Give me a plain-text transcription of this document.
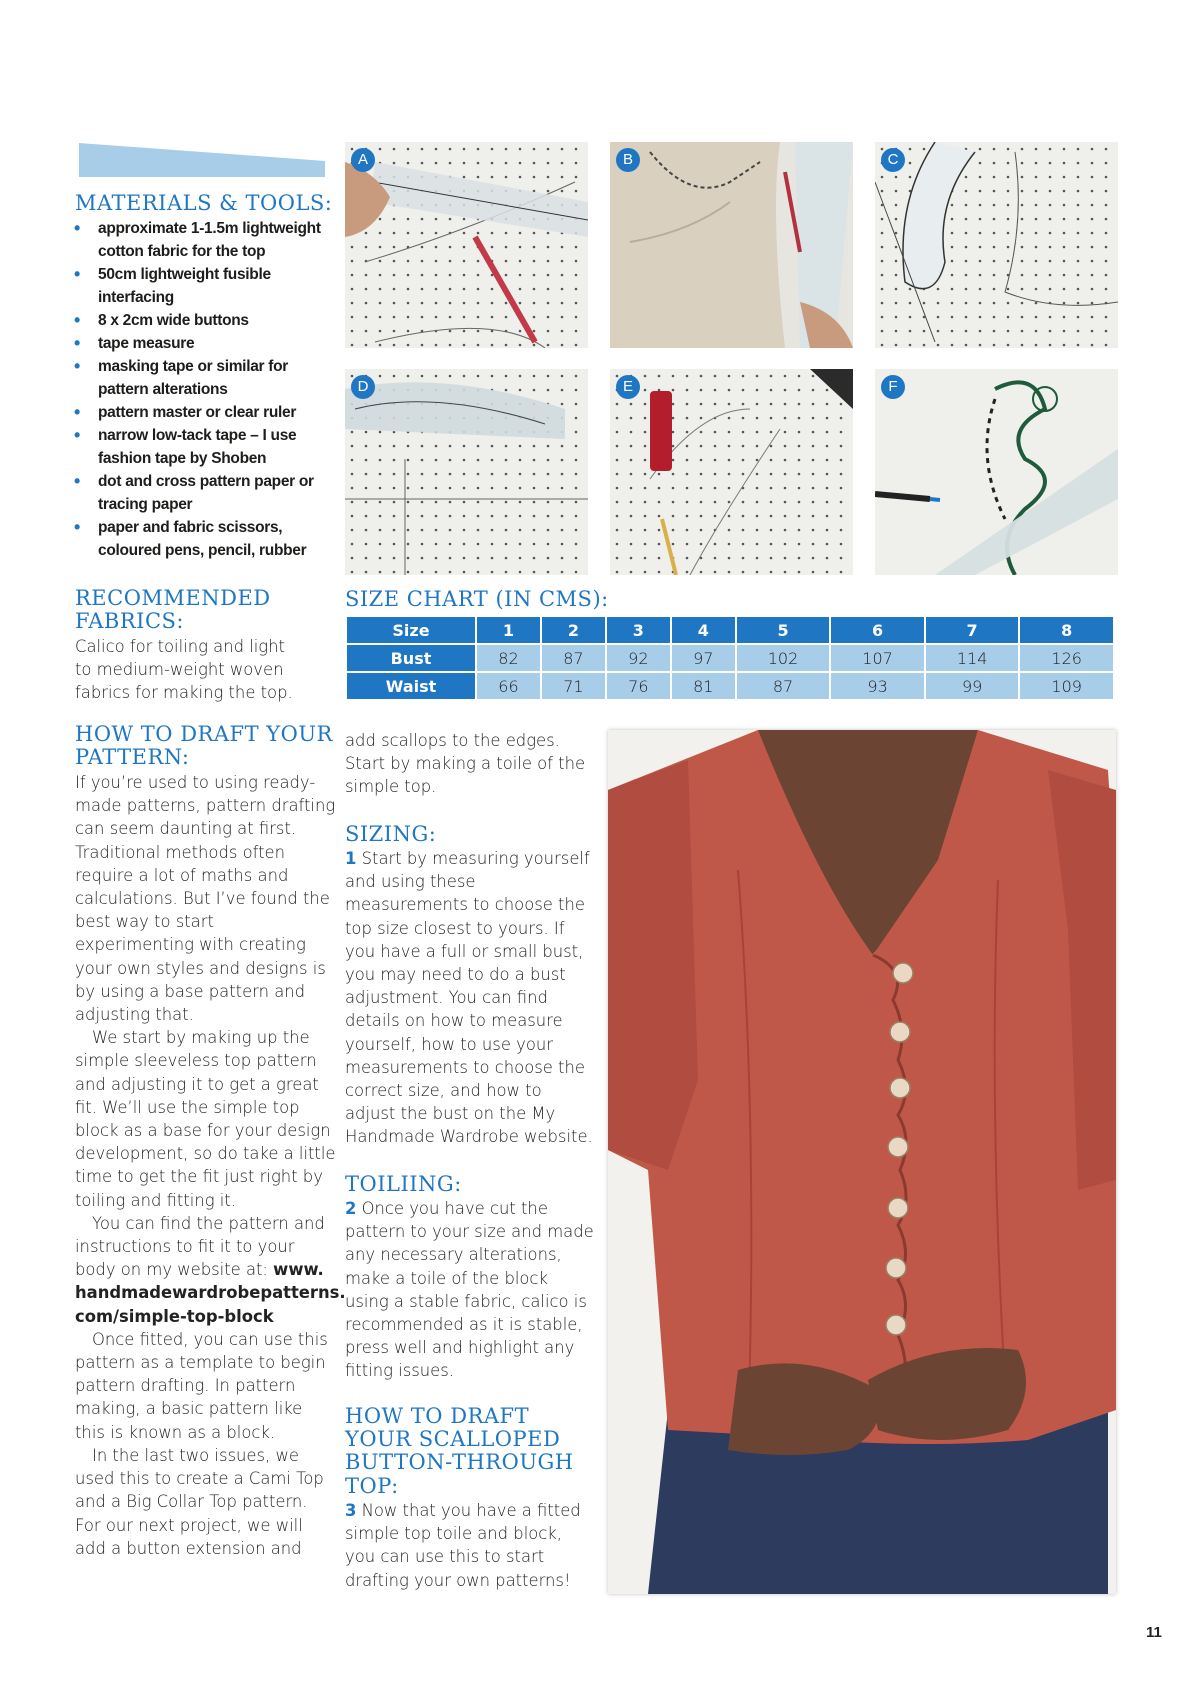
MATERIALS & TOOLS:
• approximate 1-1.5m lightweight cotton fabric for the top
• 50cm lightweight fusible interfacing
• 8 x 2cm wide buttons
• tape measure
• masking tape or similar for pattern alterations
• pattern master or clear ruler
• narrow low-tack tape – I use fashion tape by Shoben
• dot and cross pattern paper or tracing paper
• paper and fabric scissors, coloured pens, pencil, rubber
A	B	C
D	E	F
RECOMMENDED FABRICS:
Calico for toiling and light to medium-weight woven fabrics for making the top.
SIZE CHART (IN CMS):
Size	1	2	3	4	5	6	7	8
Bust	82	87	92	97	102	107	114	126
Waist	66	71	76	81	87	93	99	109
HOW TO DRAFT YOUR PATTERN:

If you’re used to using ready-made patterns, pattern drafting can seem daunting at first. Traditional methods often require a lot of maths and calculations. But I’ve found the best way to start experimenting with creating your own styles and designs is by using a base pattern and adjusting that.

We start by making up the simple sleeveless top pattern and adjusting it to get a great fit. We’ll use the simple top block as a base for your design development, so do take a little time to get the fit just right by toiling and fitting it.

You can find the pattern and instructions to fit it to your body on my website at: www. handmadewardrobepatterns. com/simple-top-block

Once fitted, you can use this pattern as a template to begin pattern drafting. In pattern making, a basic pattern like this is known as a block.

In the last two issues, we used this to create a Cami Top and a Big Collar Top pattern. For our next project, we will add a button extension and

add scallops to the edges. Start by making a toile of the simple top.
SIZING:
1 Start by measuring yourself and using these measurements to choose the top size closest to yours. If you have a full or small bust, you may need to do a bust adjustment. You can find details on how to measure yourself, how to use your measurements to choose the correct size, and how to adjust the bust on the My Handmade Wardrobe website.
TOILIING:
2 Once you have cut the pattern to your size and made any necessary alterations, make a toile of the block using a stable fabric, calico is recommended as it is stable, press well and highlight any fitting issues.
HOW TO DRAFT YOUR SCALLOPED BUTTON-THROUGH TOP:
3 Now that you have a fitted simple top toile and block, you can use this to start drafting your own patterns!
11
